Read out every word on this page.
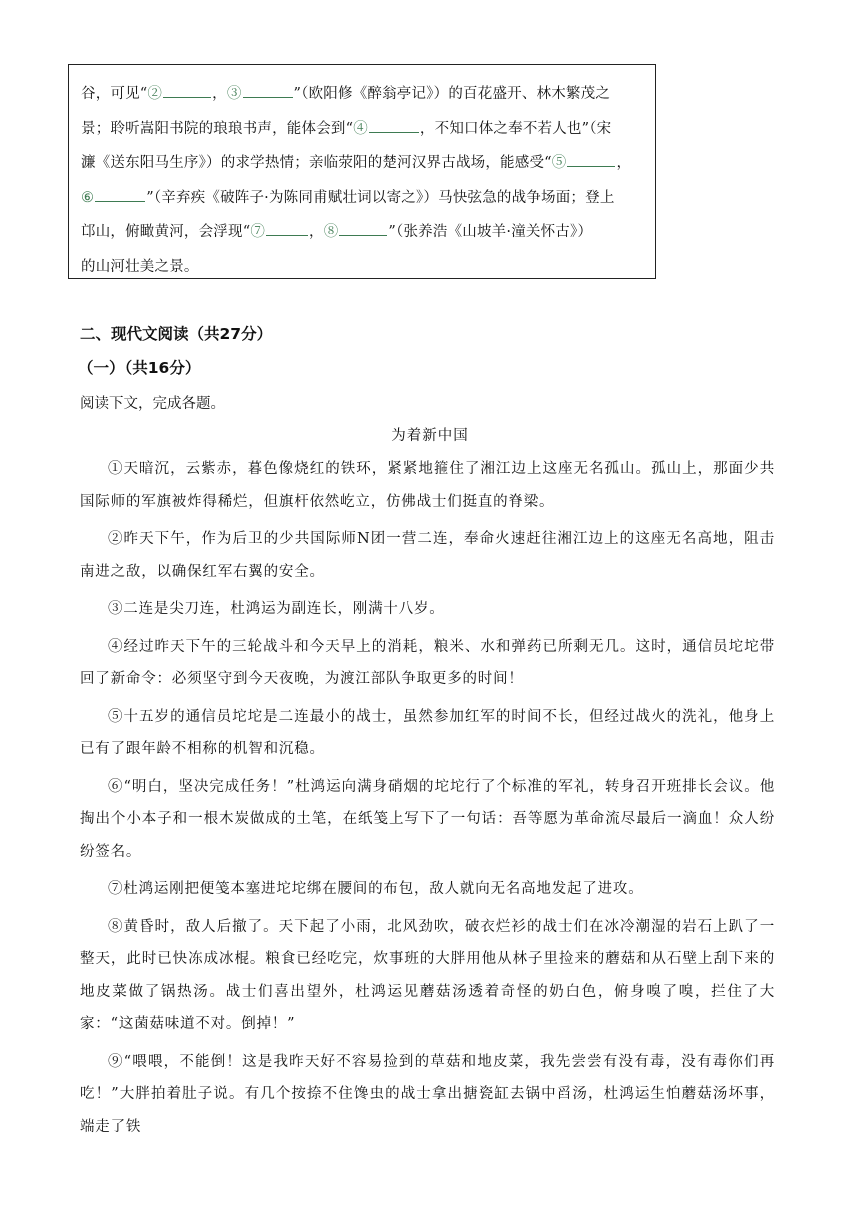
谷，可见“②	，③	”（欧阳修《醉翁亭记》）的百花盛开、林木繁茂之

景；聆听嵩阳书院的琅琅书声，能体会到“④	，不知口体之奉不若人也”（宋

濂《送东阳马生序》）的求学热情；亲临荥阳的楚河汉界古战场，能感受“⑤	，

⑥	”（辛弃疾《破阵子·为陈同甫赋壮词以寄之》）马快弦急的战争场面；登上

邙山，俯瞰黄河，会浮现“⑦	，⑧	”（张养浩《山坡羊·潼关怀古》）

的山河壮美之景。

二、现代文阅读（共27分）

（一）（共16分）

阅读下文，完成各题。

为着新中国

①天暗沉，云紫赤，暮色像烧红的铁环，紧紧地箍住了湘江边上这座无名孤山。孤山上，那面少共国际师的军旗被炸得稀烂，但旗杆依然屹立，仿佛战士们挺直的脊梁。

②昨天下午，作为后卫的少共国际师N团一营二连，奉命火速赶往湘江边上的这座无名高地，阻击南进之敌，以确保红军右翼的安全。

③二连是尖刀连，杜鸿运为副连长，刚满十八岁。

④经过昨天下午的三轮战斗和今天早上的消耗，粮米、水和弹药已所剩无几。这时，通信员坨坨带回了新命令：必须坚守到今天夜晚，为渡江部队争取更多的时间！

⑤十五岁的通信员坨坨是二连最小的战士，虽然参加红军的时间不长，但经过战火的洗礼，他身上已有了跟年龄不相称的机智和沉稳。

⑥“明白，坚决完成任务！”杜鸿运向满身硝烟的坨坨行了个标准的军礼，转身召开班排长会议。他掏出个小本子和一根木炭做成的土笔，在纸笺上写下了一句话：吾等愿为革命流尽最后一滴血！众人纷纷签名。

⑦杜鸿运刚把便笺本塞进坨坨绑在腰间的布包，敌人就向无名高地发起了进攻。

⑧黄昏时，敌人后撤了。天下起了小雨，北风劲吹，破衣烂衫的战士们在冰冷潮湿的岩石上趴了一整天，此时已快冻成冰棍。粮食已经吃完，炊事班的大胖用他从林子里捡来的蘑菇和从石壁上刮下来的地皮菜做了锅热汤。战士们喜出望外，杜鸿运见蘑菇汤透着奇怪的奶白色，俯身嗅了嗅，拦住了大家：“这菌菇味道不对。倒掉！”

⑨“喂喂，不能倒！这是我昨天好不容易捡到的草菇和地皮菜，我先尝尝有没有毒，没有毒你们再吃！”大胖拍着肚子说。有几个按捺不住馋虫的战士拿出搪瓷缸去锅中舀汤，杜鸿运生怕蘑菇汤坏事，端走了铁
